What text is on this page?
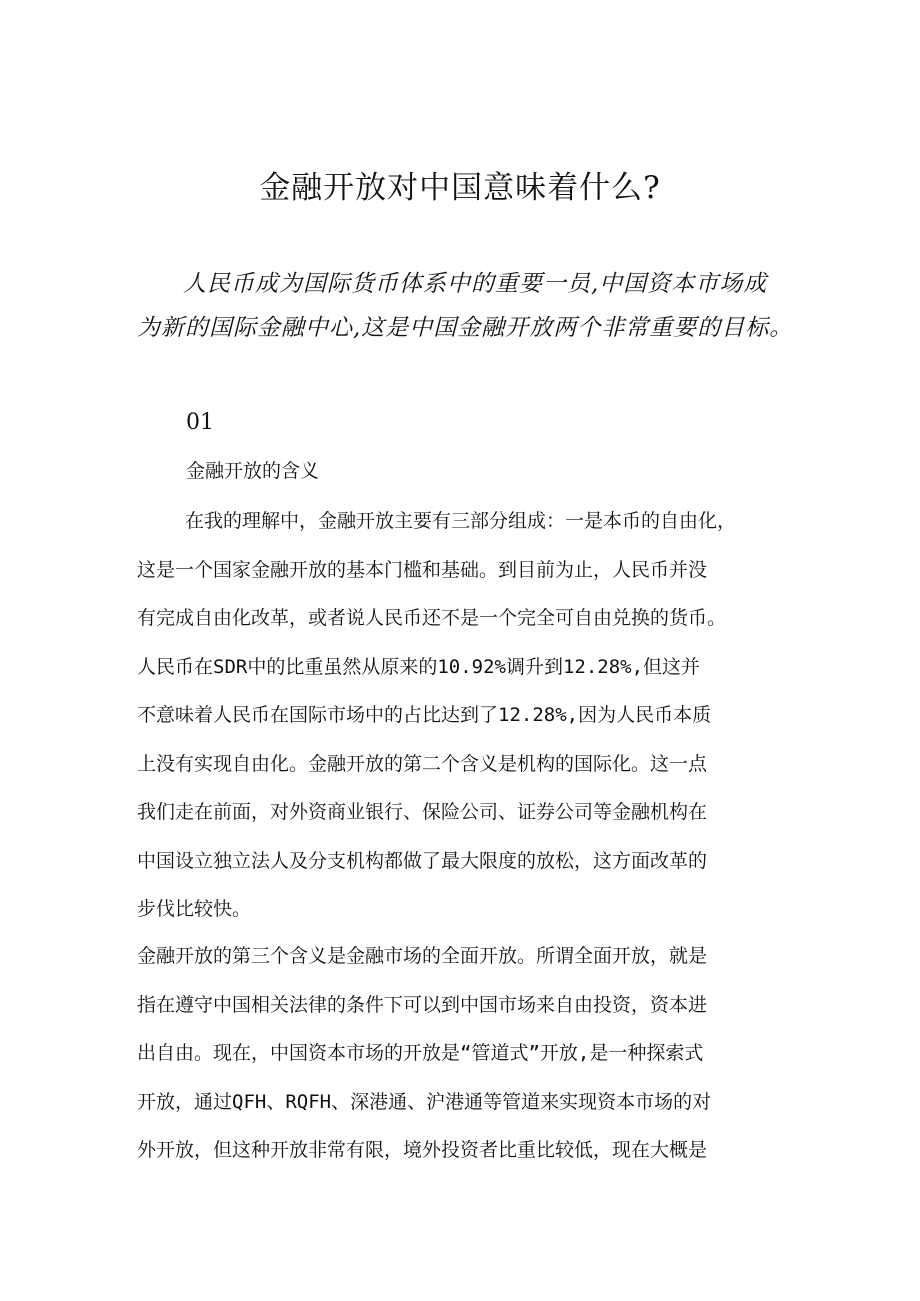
金融开放对中国意味着什么?
人民币成为国际货币体系中的重要一员,中国资本市场成
为新的国际金融中心,这是中国金融开放两个非常重要的目标。
01
金融开放的含义
在我的理解中，金融开放主要有三部分组成：一是本币的自由化，
这是一个国家金融开放的基本门槛和基础。到目前为止，人民币并没
有完成自由化改革，或者说人民币还不是一个完全可自由兑换的货币。
人民币在SDR中的比重虽然从原来的10.92%调升到12.28%,但这并
不意味着人民币在国际市场中的占比达到了12.28%,因为人民币本质
上没有实现自由化。金融开放的第二个含义是机构的国际化。这一点
我们走在前面，对外资商业银行、保险公司、证券公司等金融机构在
中国设立独立法人及分支机构都做了最大限度的放松，这方面改革的
步伐比较快。
金融开放的第三个含义是金融市场的全面开放。所谓全面开放，就是
指在遵守中国相关法律的条件下可以到中国市场来自由投资，资本进
出自由。现在，中国资本市场的开放是“管道式”开放,是一种探索式
开放，通过QFH、RQFH、深港通、沪港通等管道来实现资本市场的对
外开放，但这种开放非常有限，境外投资者比重比较低，现在大概是
